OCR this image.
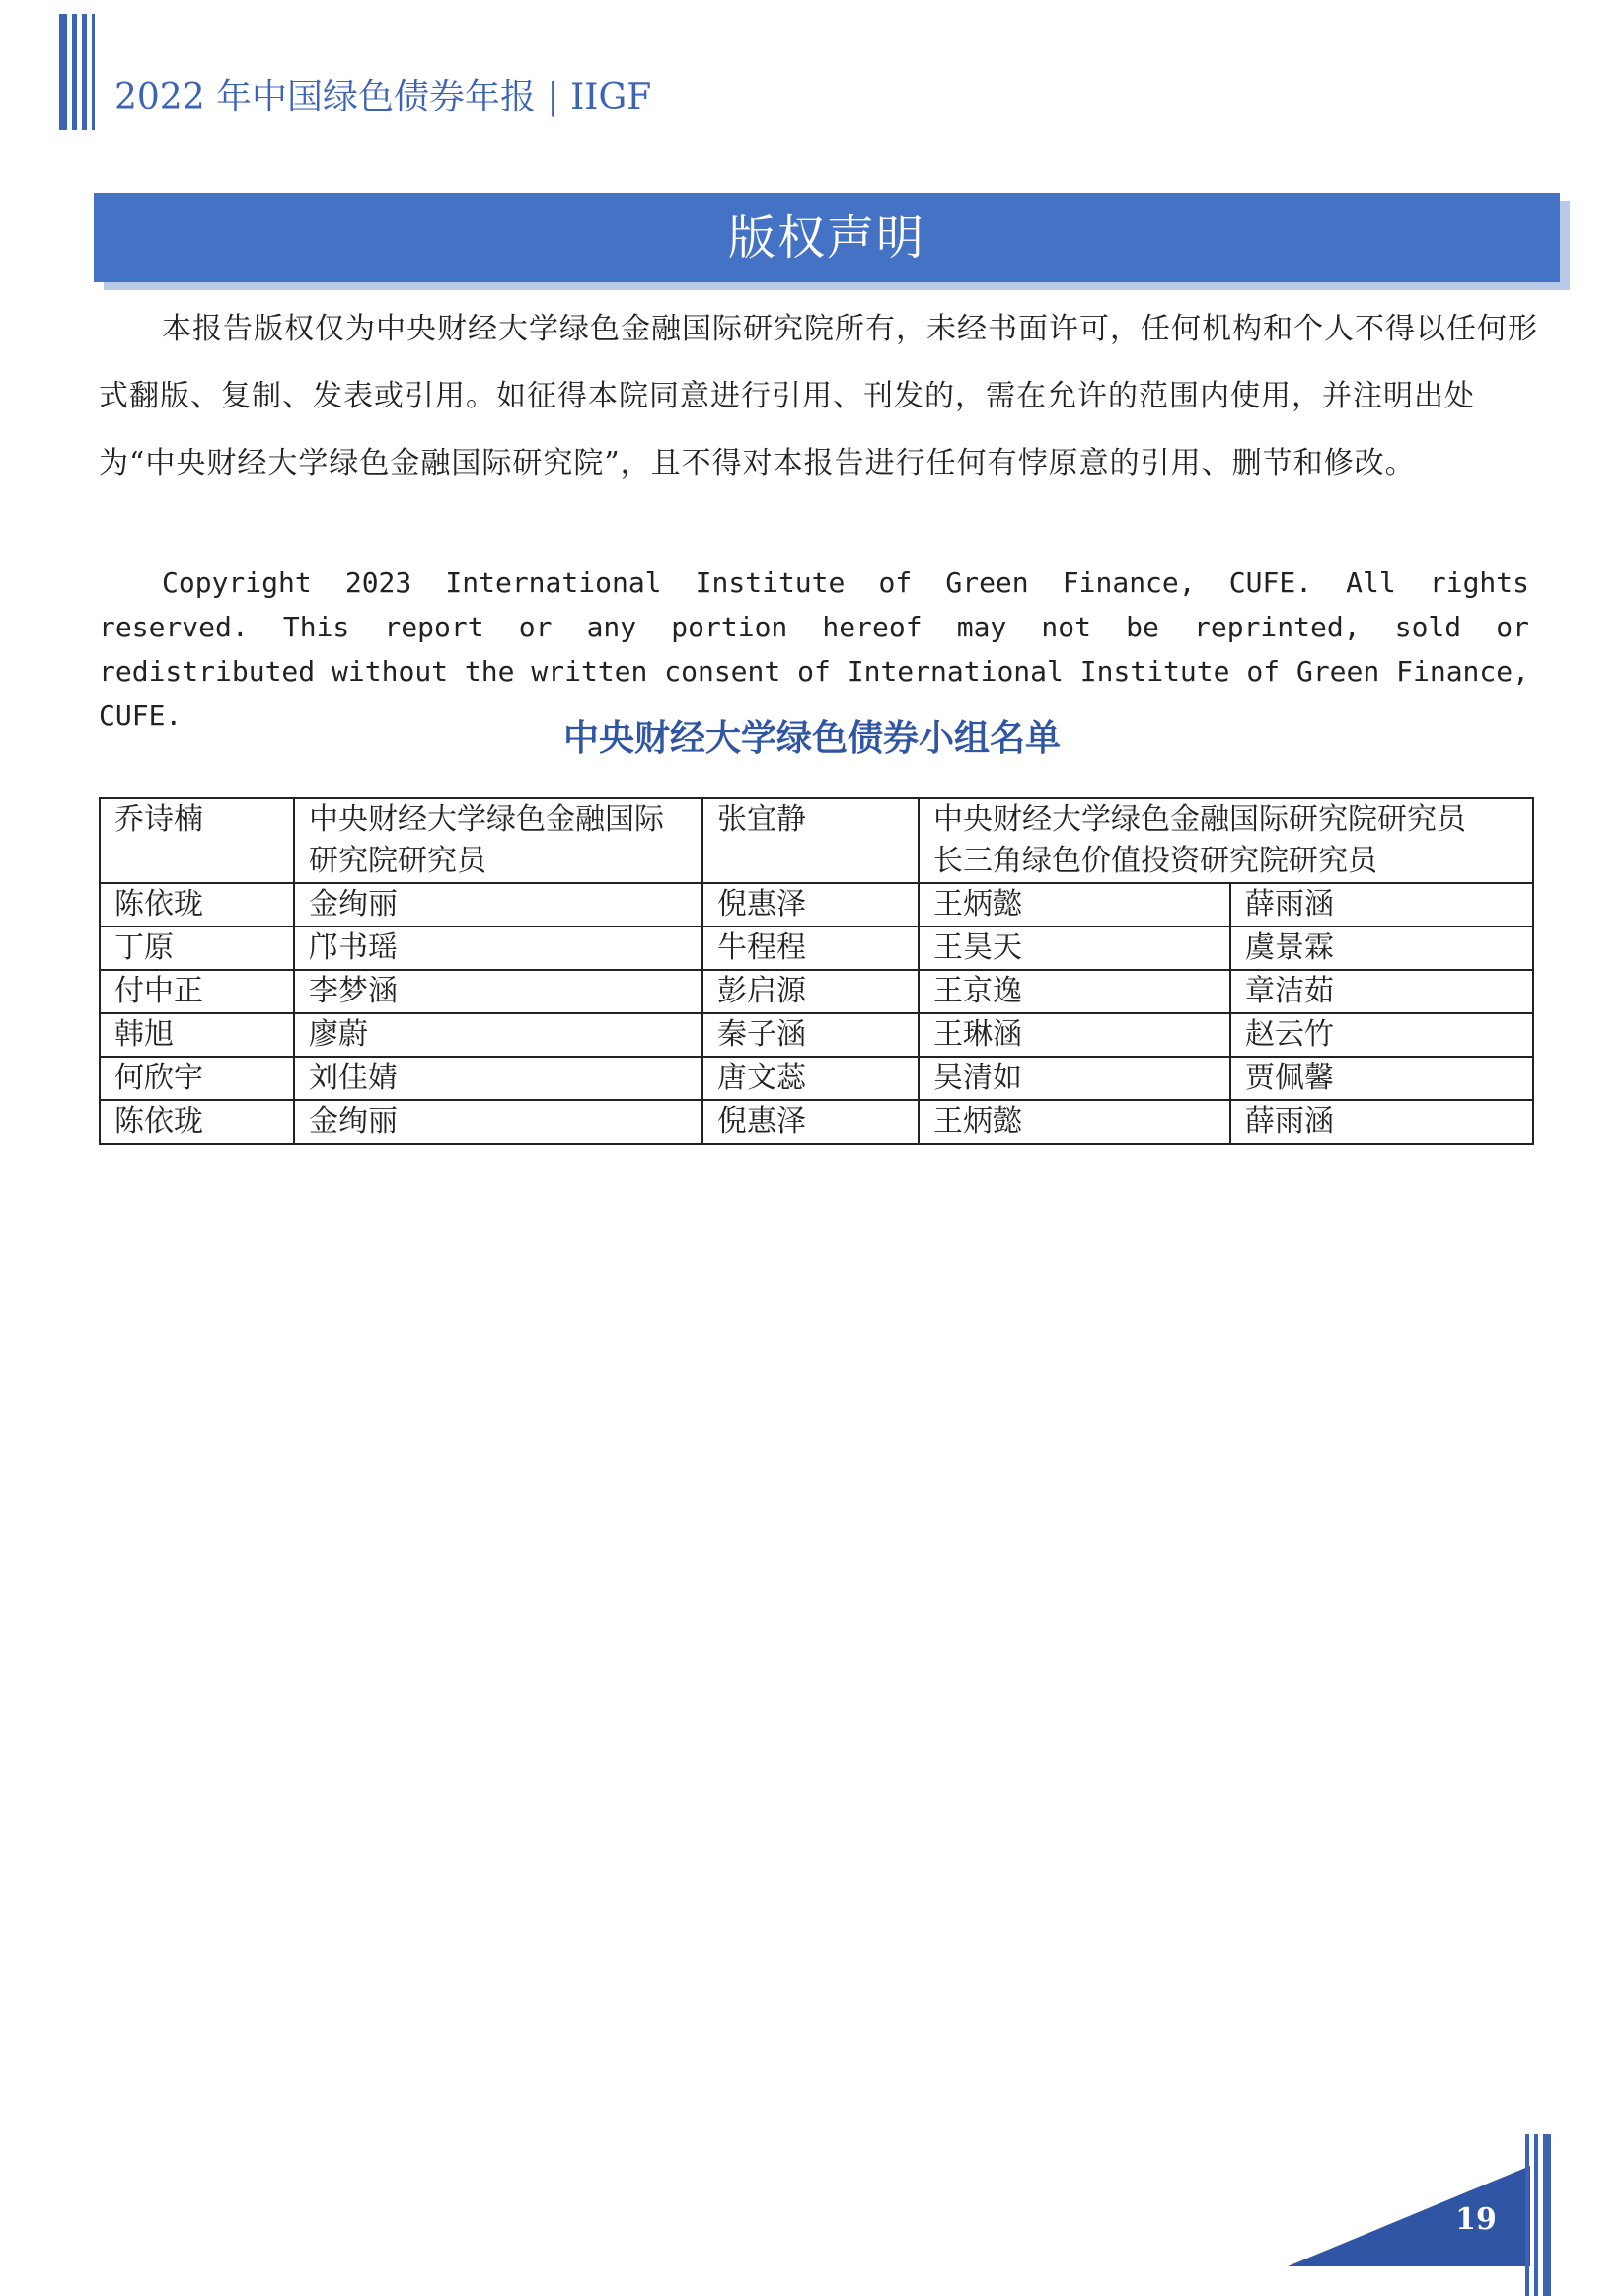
2022 年中国绿色债券年报 | IIGF
版权声明
本报告版权仅为中央财经大学绿色金融国际研究院所有，未经书面许可，任何机构和个人不得以任何形式翻版、复制、发表或引用。如征得本院同意进行引用、刊发的，需在允许的范围内使用，并注明出处为“中央财经大学绿色金融国际研究院”，且不得对本报告进行任何有悖原意的引用、删节和修改。
Copyright 2023 International Institute of Green Finance, CUFE. All rights reserved. This report or any portion hereof may not be reprinted, sold or redistributed without the written consent of International Institute of Green Finance, CUFE.
中央财经大学绿色债券小组名单
乔诗楠	中央财经大学绿色金融国际研究院研究员	张宜静	中央财经大学绿色金融国际研究院研究员
长三角绿色价值投资研究院研究员	

陈依珑	金绚丽	倪惠泽	王炳懿	薛雨涵
丁原	邝书瑶	牛程程	王昊天	虞景霖
付中正	李梦涵	彭启源	王京逸	章洁茹
韩旭	廖蔚	秦子涵	王琳涵	赵云竹
何欣宇	刘佳婧	唐文蕊	吴清如	贾佩馨
陈依珑	金绚丽	倪惠泽	王炳懿	薛雨涵
19
